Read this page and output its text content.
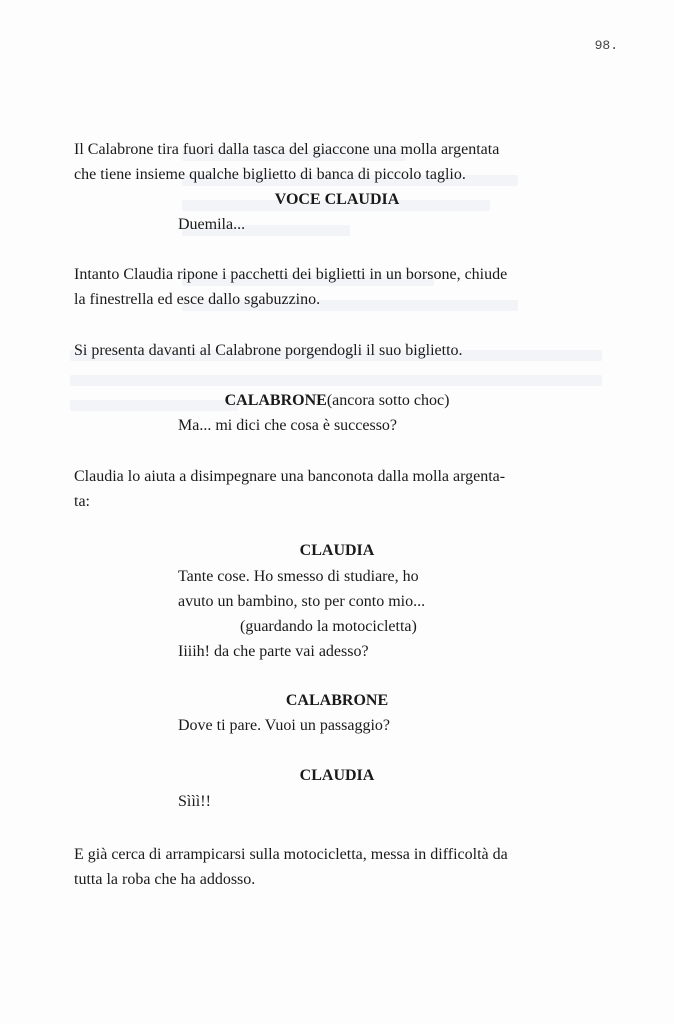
98.
Il Calabrone tira fuori dalla tasca del giaccone una molla argentata
che tiene insieme qualche biglietto di banca di piccolo taglio.
VOCE CLAUDIA
Duemila...
Intanto Claudia ripone i pacchetti dei biglietti in un borsone, chiude
la finestrella ed esce dallo sgabuzzino.
Si presenta davanti al Calabrone porgendogli il suo biglietto.
CALABRONE(ancora sotto choc)
Ma... mi dici che cosa è successo?
Claudia lo aiuta a disimpegnare una banconota dalla molla argenta-
ta:
CLAUDIA
Tante cose. Ho smesso di studiare, ho
avuto un bambino, sto per conto mio...
(guardando la motocicletta)
Iiiih! da che parte vai adesso?
CALABRONE
Dove ti pare. Vuoi un passaggio?
CLAUDIA
Sììì!!
E già cerca di arrampicarsi sulla motocicletta, messa in difficoltà da
tutta la roba che ha addosso.
